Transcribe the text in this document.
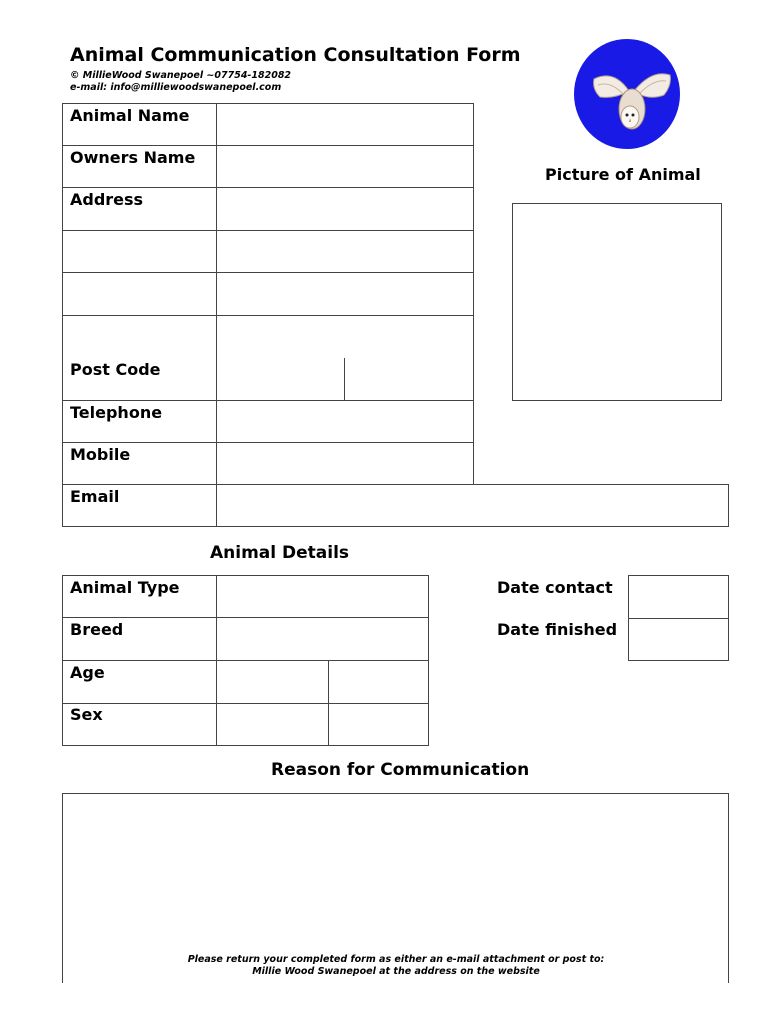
Animal Communication Consultation Form
© MillieWood Swanepoel ~07754-182082
e-mail: info@milliewoodswanepoel.com
Picture of Animal
Animal Name
Owners Name
Address
Post Code
Telephone
Mobile
Email
Animal Details
Animal Type
Breed
Age
Sex
Date contact
Date finished
Reason for Communication
Please return your completed form as either an e-mail attachment or post to:
Millie Wood Swanepoel at the address on the website
